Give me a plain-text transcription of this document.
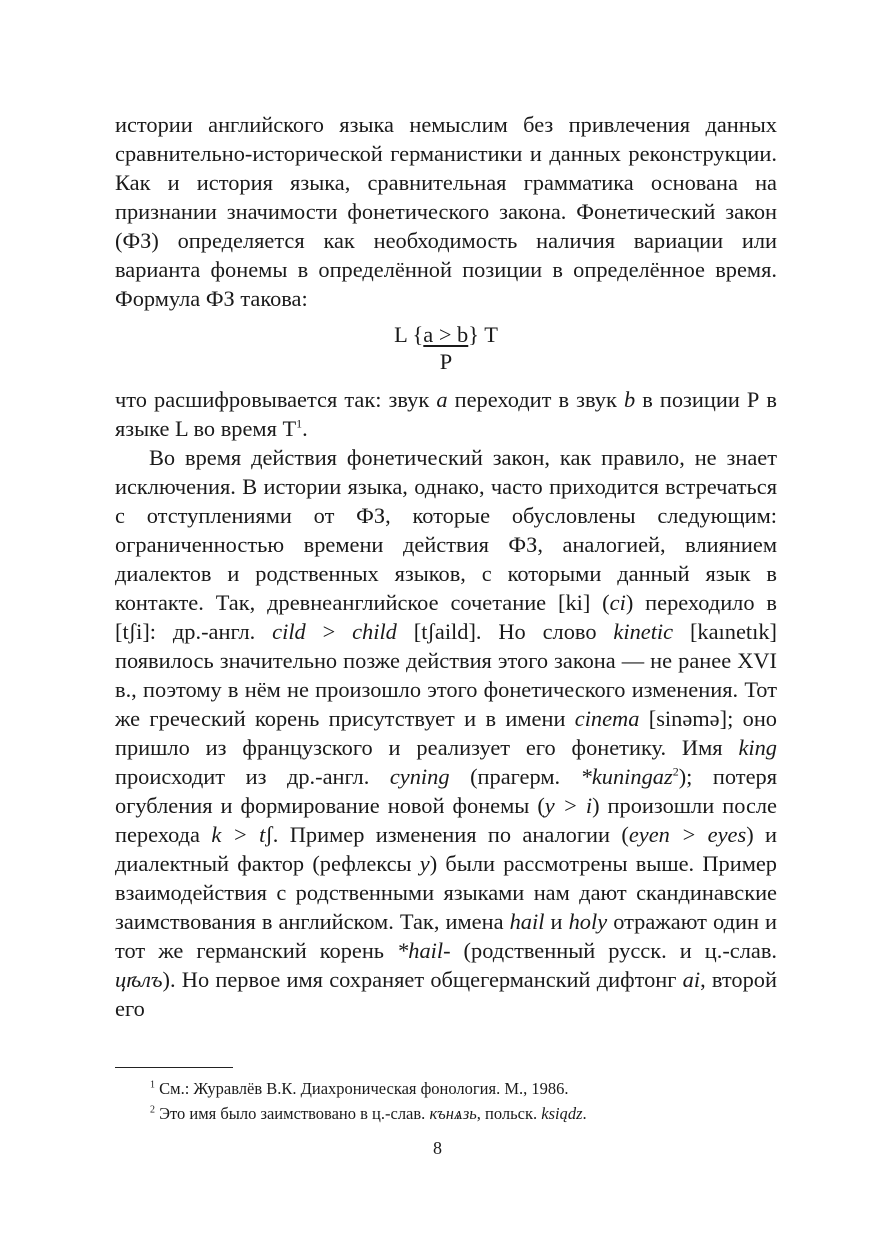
истории английского языка немыслим без привлечения данных сравнительно-исторической германистики и данных реконструкции. Как и история языка, сравнительная грамматика основана на признании значимости фонетического закона. Фонетический закон (ФЗ) определяется как необходимость наличия вариации или варианта фонемы в определённой позиции в определённое время. Формула ФЗ такова:

L {a > b} T
P

что расшифровывается так: звук a переходит в звук b в позиции Р в языке L во время $T^1$.

Во время действия фонетический закон, как правило, не знает исключения. В истории языка, однако, часто приходится встречаться с отступлениями от ФЗ, которые обусловлены следующим: ограниченностью времени действия ФЗ, аналогией, влиянием диалектов и родственных языков, с которыми данный язык в контакте. Так, древнеанглийское сочетание [ki] (ci) переходило в [tʃi]: др.-англ. cild > child [tʃaild]. Но слово kinetic [kaınetık] появилось значительно позже действия этого закона — не ранее XVI в., поэтому в нём не произошло этого фонетического изменения. Тот же греческий корень присутствует и в имени cinema [sinəmə]; оно пришло из французского и реализует его фонетику. Имя king происходит из др.-англ. cyning (прагерм. *kuningaz$^2$); потеря огубления и формирование новой фонемы (y > i) произошли после перехода k > tʃ. Пример изменения по аналогии (eyen > eyes) и диалектный фактор (рефлексы y) были рассмотрены выше. Пример взаимодействия с родственными языками нам дают скандинавские заимствования в английском. Так, имена hail и holy отражают один и тот же германский корень *hail- (родственный русск. и ц.-слав. цѣлъ). Но первое имя сохраняет общегерманский дифтонг ai, второй его

$^1$ См.: Журавлёв В.К. Диахроническая фонология. М., 1986.

$^2$ Это имя было заимствовано в ц.-слав. кънѧзь, польск. ksiądz.

8
